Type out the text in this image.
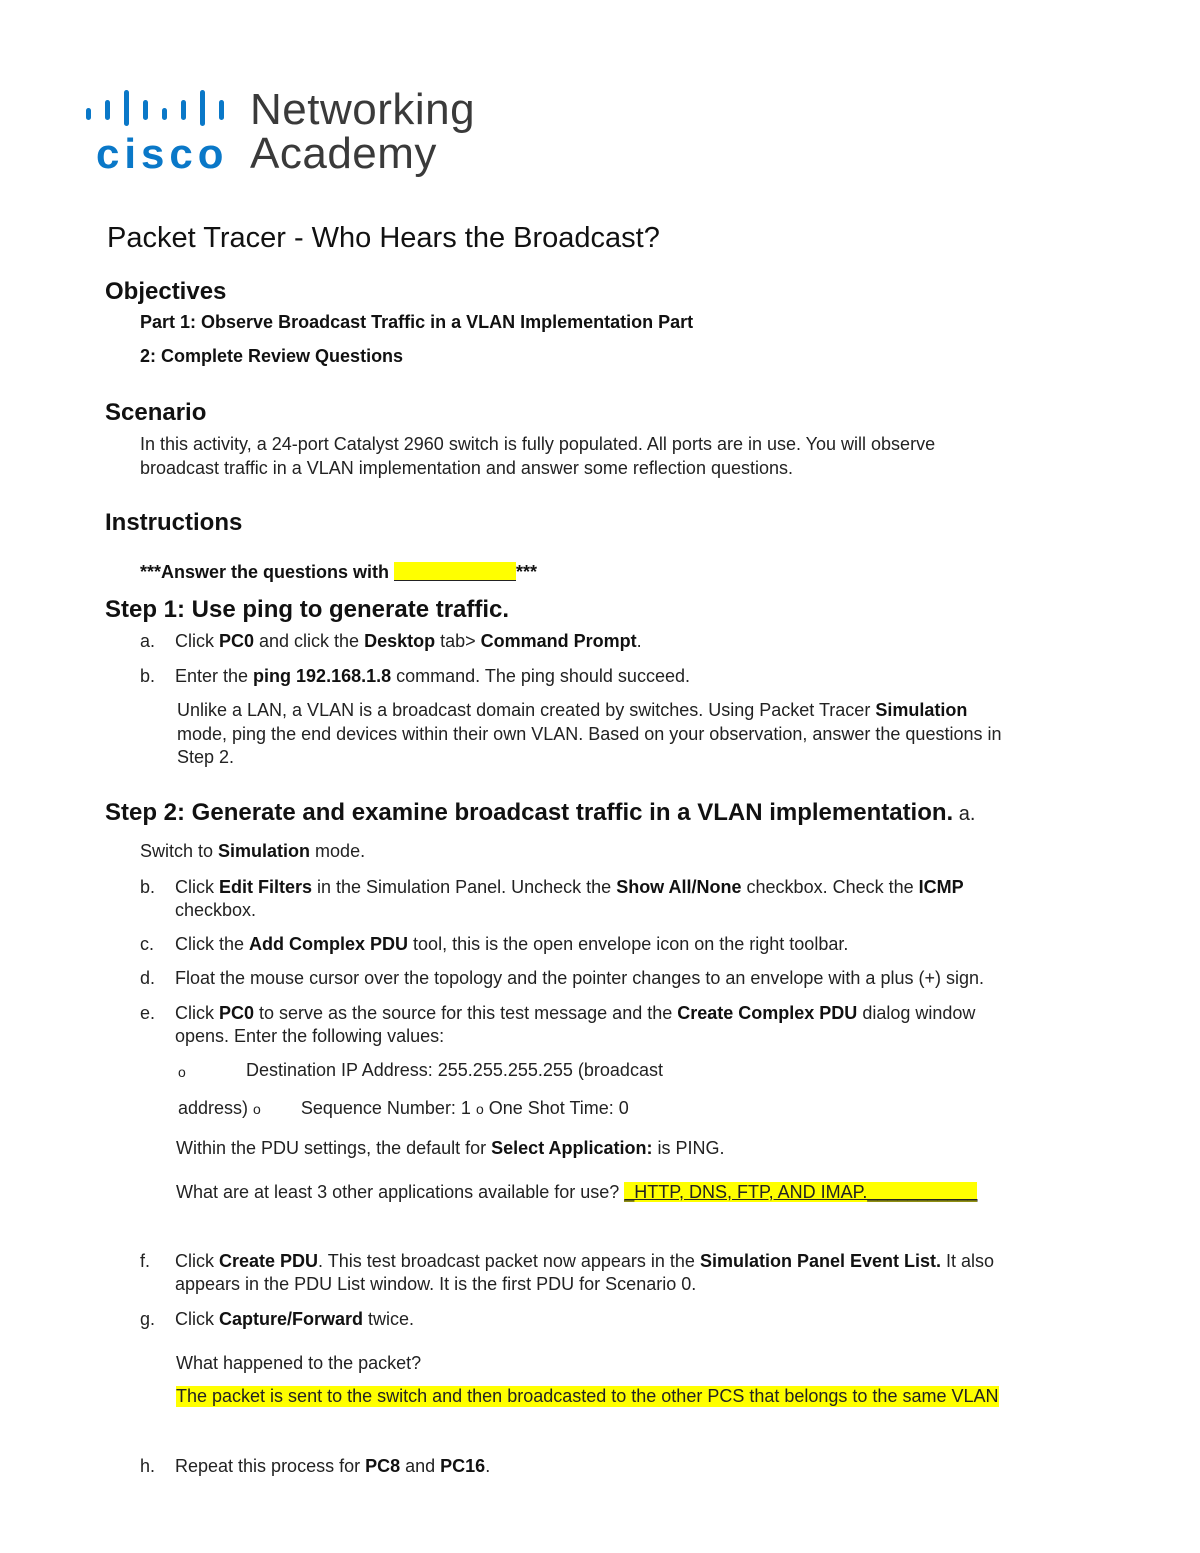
cisco
Networking
Academy
Packet Tracer - Who Hears the Broadcast?
Objectives
Part 1: Observe Broadcast Traffic in a VLAN Implementation Part
2: Complete Review Questions
Scenario
In this activity, a 24-port Catalyst 2960 switch is fully populated. All ports are in use. You will observe
broadcast traffic in a VLAN implementation and answer some reflection questions.
Instructions
***Answer the questions with	***
Step 1: Use ping to generate traffic.
a. Click PC0 and click the Desktop tab> Command Prompt.
b. Enter the ping 192.168.1.8 command. The ping should succeed.
Unlike a LAN, a VLAN is a broadcast domain created by switches. Using Packet Tracer Simulation
mode, ping the end devices within their own VLAN. Based on your observation, answer the questions in
Step 2.
Step 2: Generate and examine broadcast traffic in a VLAN implementation. a.
Switch to Simulation mode.
b. Click Edit Filters in the Simulation Panel. Uncheck the Show All/None checkbox. Check the ICMP
checkbox.
c. Click the Add Complex PDU tool, this is the open envelope icon on the right toolbar.
d. Float the mouse cursor over the topology and the pointer changes to an envelope with a plus (+) sign.
e. Click PC0 to serve as the source for this test message and the Create Complex PDU dialog window
opens. Enter the following values:
o	Destination IP Address: 255.255.255.255 (broadcast
address) o Sequence Number: 1 o One Shot Time: 0
Within the PDU settings, the default for Select Application: is PING.
What are at least 3 other applications available for use? _HTTP, DNS, FTP, AND IMAP.___________
f. Click Create PDU. This test broadcast packet now appears in the Simulation Panel Event List. It also
appears in the PDU List window. It is the first PDU for Scenario 0.
g. Click Capture/Forward twice.
What happened to the packet?
The packet is sent to the switch and then broadcasted to the other PCS that belongs to the same VLAN
h. Repeat this process for PC8 and PC16.
